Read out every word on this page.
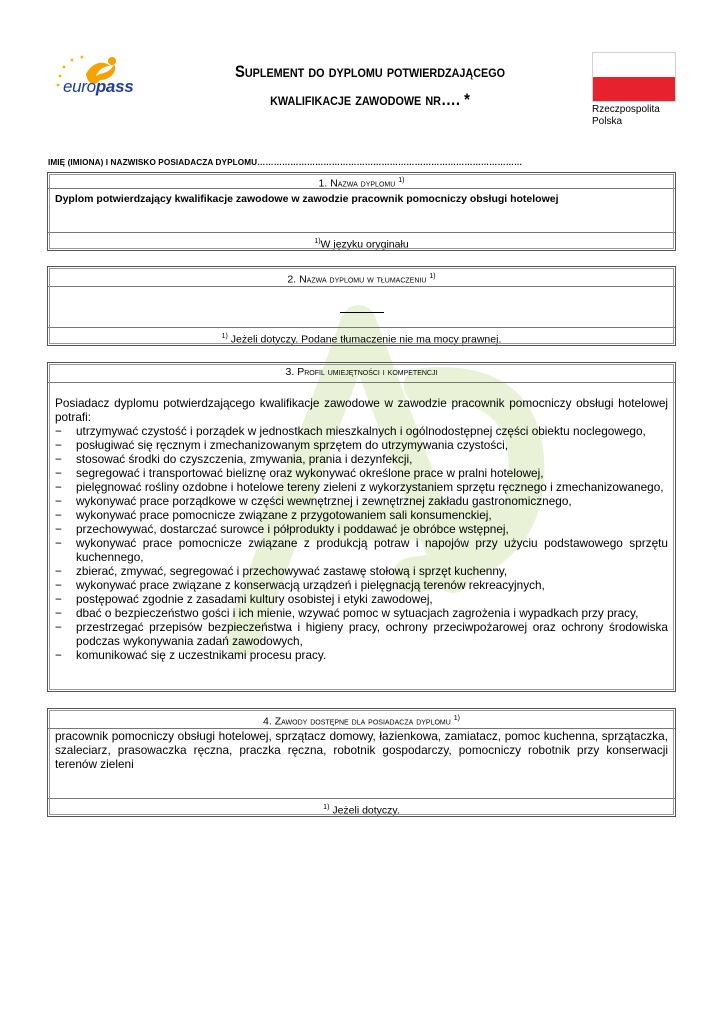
europass
Suplement do dyplomu potwierdzającego
kwalifikacje zawodowe nr…. *
Rzeczpospolita
Polska
IMIĘ (IMIONA) I NAZWISKO POSIADACZA DYPLOMU……………………………………………………………………………………
1. Nazwa dyplomu $^{1)}$
Dyplom potwierdzający kwalifikacje zawodowe w zawodzie pracownik pomocniczy obsługi hotelowej
$^{1)}$W języku oryginału
2. Nazwa dyplomu w tłumaczeniu $^{1)}$
$^{1)}$ Jeżeli dotyczy. Podane tłumaczenie nie ma mocy prawnej.
3. Profil umiejętności i kompetencji
Posiadacz dyplomu potwierdzającego kwalifikacje zawodowe w zawodzie pracownik pomocniczy obsługi hotelowej potrafi:
− utrzymywać czystość i porządek w jednostkach mieszkalnych i ogólnodostępnej części obiektu noclegowego,
− posługiwać się ręcznym i zmechanizowanym sprzętem do utrzymywania czystości,
− stosować środki do czyszczenia, zmywania, prania i dezynfekcji,
− segregować i transportować bieliznę oraz wykonywać określone prace w pralni hotelowej,
− pielęgnować rośliny ozdobne i hotelowe tereny zieleni z wykorzystaniem sprzętu ręcznego i zmechanizowanego,
− wykonywać prace porządkowe w części wewnętrznej i zewnętrznej zakładu gastronomicznego,
− wykonywać prace pomocnicze związane z przygotowaniem sali konsumenckiej,
− przechowywać, dostarczać surowce i półprodukty i poddawać je obróbce wstępnej,
− wykonywać prace pomocnicze związane z produkcją potraw i napojów przy użyciu podstawowego sprzętu kuchennego,
− zbierać, zmywać, segregować i przechowywać zastawę stołową i sprzęt kuchenny,
− wykonywać prace związane z konserwacją urządzeń i pielęgnacją terenów rekreacyjnych,
− postępować zgodnie z zasadami kultury osobistej i etyki zawodowej,
− dbać o bezpieczeństwo gości i ich mienie, wzywać pomoc w sytuacjach zagrożenia i wypadkach przy pracy,
− przestrzegać przepisów bezpieczeństwa i higieny pracy, ochrony przeciwpożarowej oraz ochrony środowiska podczas wykonywania zadań zawodowych,
− komunikować się z uczestnikami procesu pracy.
4. Zawody dostępne dla posiadacza dyplomu $^{1)}$
pracownik pomocniczy obsługi hotelowej, sprzątacz domowy, łazienkowa, zamiatacz, pomoc kuchenna, sprzątaczka, szaleciarz, prasowaczka ręczna, praczka ręczna, robotnik gospodarczy, pomocniczy robotnik przy konserwacji terenów zieleni
$^{1)}$ Jeżeli dotyczy.
